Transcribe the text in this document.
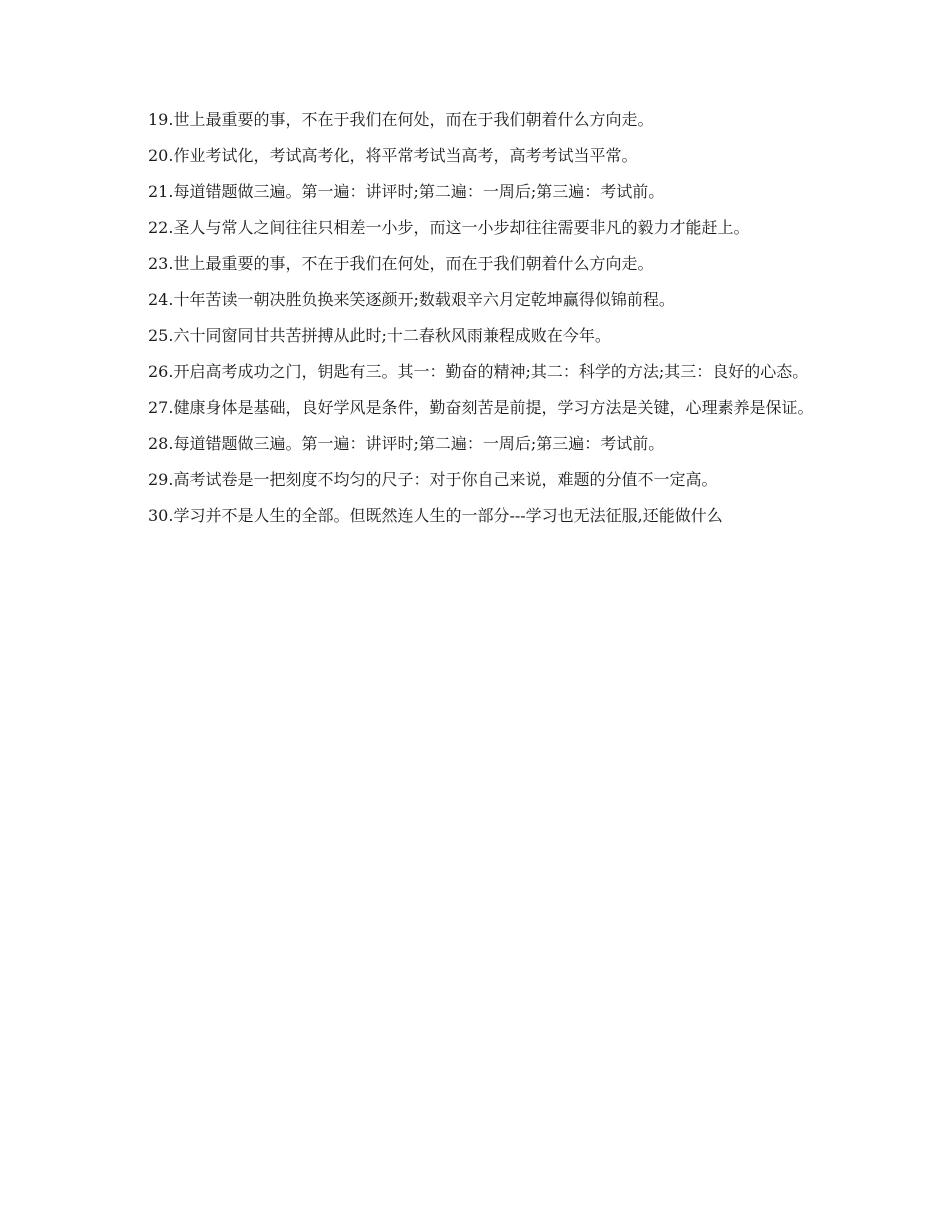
19.世上最重要的事，不在于我们在何处，而在于我们朝着什么方向走。

20.作业考试化，考试高考化，将平常考试当高考，高考考试当平常。

21.每道错题做三遍。第一遍：讲评时;第二遍：一周后;第三遍：考试前。

22.圣人与常人之间往往只相差一小步，而这一小步却往往需要非凡的毅力才能赶上。

23.世上最重要的事，不在于我们在何处，而在于我们朝着什么方向走。

24.十年苦读一朝决胜负换来笑逐颜开;数载艰辛六月定乾坤赢得似锦前程。

25.六十同窗同甘共苦拼搏从此时;十二春秋风雨兼程成败在今年。

26.开启高考成功之门，钥匙有三。其一：勤奋的精神;其二：科学的方法;其三：良好的心态。

27.健康身体是基础，良好学风是条件，勤奋刻苦是前提，学习方法是关键，心理素养是保证。

28.每道错题做三遍。第一遍：讲评时;第二遍：一周后;第三遍：考试前。

29.高考试卷是一把刻度不均匀的尺子：对于你自己来说，难题的分值不一定高。

30.学习并不是人生的全部。但既然连人生的一部分---学习也无法征服,还能做什么
